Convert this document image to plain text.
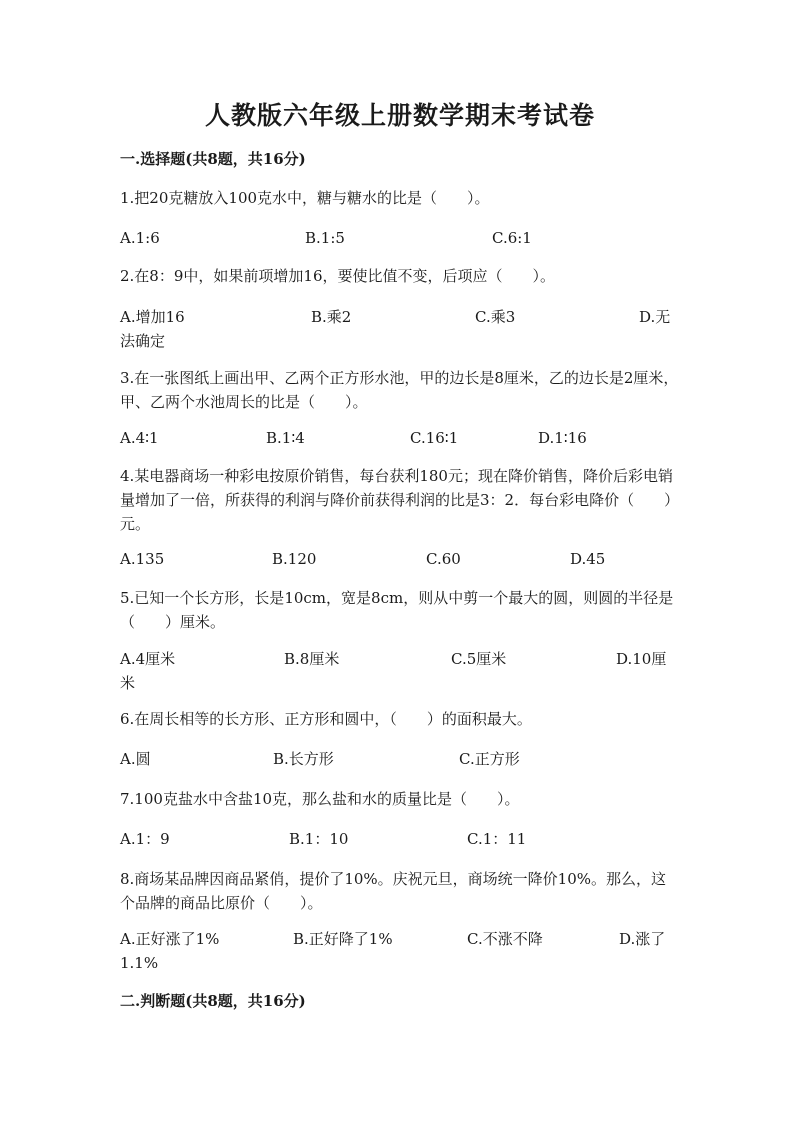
人教版六年级上册数学期末考试卷
一.选择题(共8题，共16分)
1.把20克糖放入100克水中，糖与糖水的比是（　　）。
A.1:6	B.1:5	C.6:1
2.在8：9中，如果前项增加16，要使比值不变，后项应（　　）。
A.增加16	B.乘2	C.乘3	D.无
法确定
3.在一张图纸上画出甲、乙两个正方形水池，甲的边长是8厘米，乙的边长是2厘米，甲、乙两个水池周长的比是（　　）。
A.4∶1	B.1∶4	C.16∶1	D.1∶16
4.某电器商场一种彩电按原价销售，每台获利180元；现在降价销售，降价后彩电销量增加了一倍，所获得的利润与降价前获得利润的比是3：2．每台彩电降价（　　）元。
A.135	B.120	C.60	D.45
5.已知一个长方形，长是10cm，宽是8cm，则从中剪一个最大的圆，则圆的半径是（　　）厘米。
A.4厘米	B.8厘米	C.5厘米	D.10厘
米
6.在周长相等的长方形、正方形和圆中，（　　）的面积最大。
A.圆	B.长方形	C.正方形
7.100克盐水中含盐10克，那么盐和水的质量比是（　　）。
A.1：9	B.1：10	C.1：11
8.商场某品牌因商品紧俏，提价了10%。庆祝元旦，商场统一降价10%。那么，这个品牌的商品比原价（　　）。
A.正好涨了1%	B.正好降了1%	C.不涨不降	D.涨了
1.1%
二.判断题(共8题，共16分)
